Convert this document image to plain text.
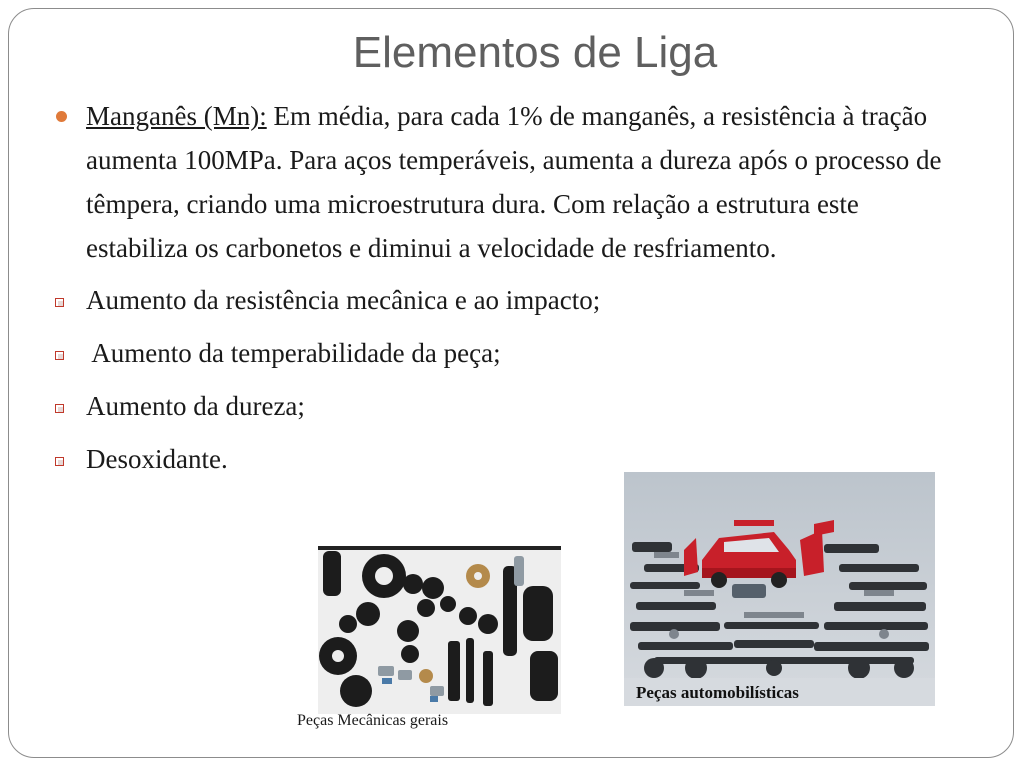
Elementos de Liga

Manganês (Mn): Em média, para cada 1% de manganês, a resistência à tração aumenta 100MPa. Para aços temperáveis, aumenta a dureza após o processo de têmpera, criando uma microestrutura dura. Com relação a estrutura este estabiliza os carbonetos e diminui a velocidade de resfriamento.

Aumento da resistência mecânica e ao impacto;
Aumento da temperabilidade da peça;
Aumento da dureza;
Desoxidante.
Peças Mecânicas gerais
Peças automobilísticas
